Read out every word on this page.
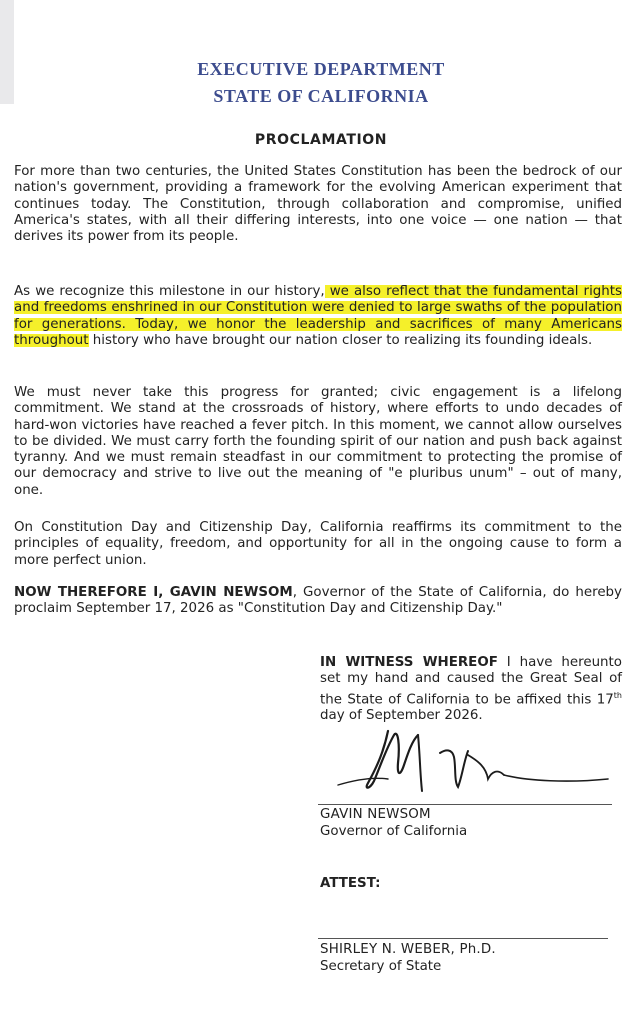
EXECUTIVE DEPARTMENT
STATE OF CALIFORNIA
PROCLAMATION
For more than two centuries, the United States Constitution has been the bedrock of our nation's government, providing a framework for the evolving American experiment that continues today. The Constitution, through collaboration and compromise, unified America's states, with all their differing interests, into one voice — one nation — that derives its power from its people.
As we recognize this milestone in our history, we also reflect that the fundamental rights and freedoms enshrined in our Constitution were denied to large swaths of the population for generations. Today, we honor the leadership and sacrifices of many Americans throughout history who have brought our nation closer to realizing its founding ideals.
We must never take this progress for granted; civic engagement is a lifelong commitment. We stand at the crossroads of history, where efforts to undo decades of hard-won victories have reached a fever pitch. In this moment, we cannot allow ourselves to be divided. We must carry forth the founding spirit of our nation and push back against tyranny. And we must remain steadfast in our commitment to protecting the promise of our democracy and strive to live out the meaning of "e pluribus unum" – out of many, one.
On Constitution Day and Citizenship Day, California reaffirms its commitment to the principles of equality, freedom, and opportunity for all in the ongoing cause to form a more perfect union.
NOW THEREFORE I, GAVIN NEWSOM, Governor of the State of California, do hereby proclaim September 17, 2026 as "Constitution Day and Citizenship Day."
IN WITNESS WHEREOF I have hereunto set my hand and caused the Great Seal of the State of California to be affixed this 17th day of September 2026.
GAVIN NEWSOM
Governor of California
ATTEST:
SHIRLEY N. WEBER, Ph.D.
Secretary of State
